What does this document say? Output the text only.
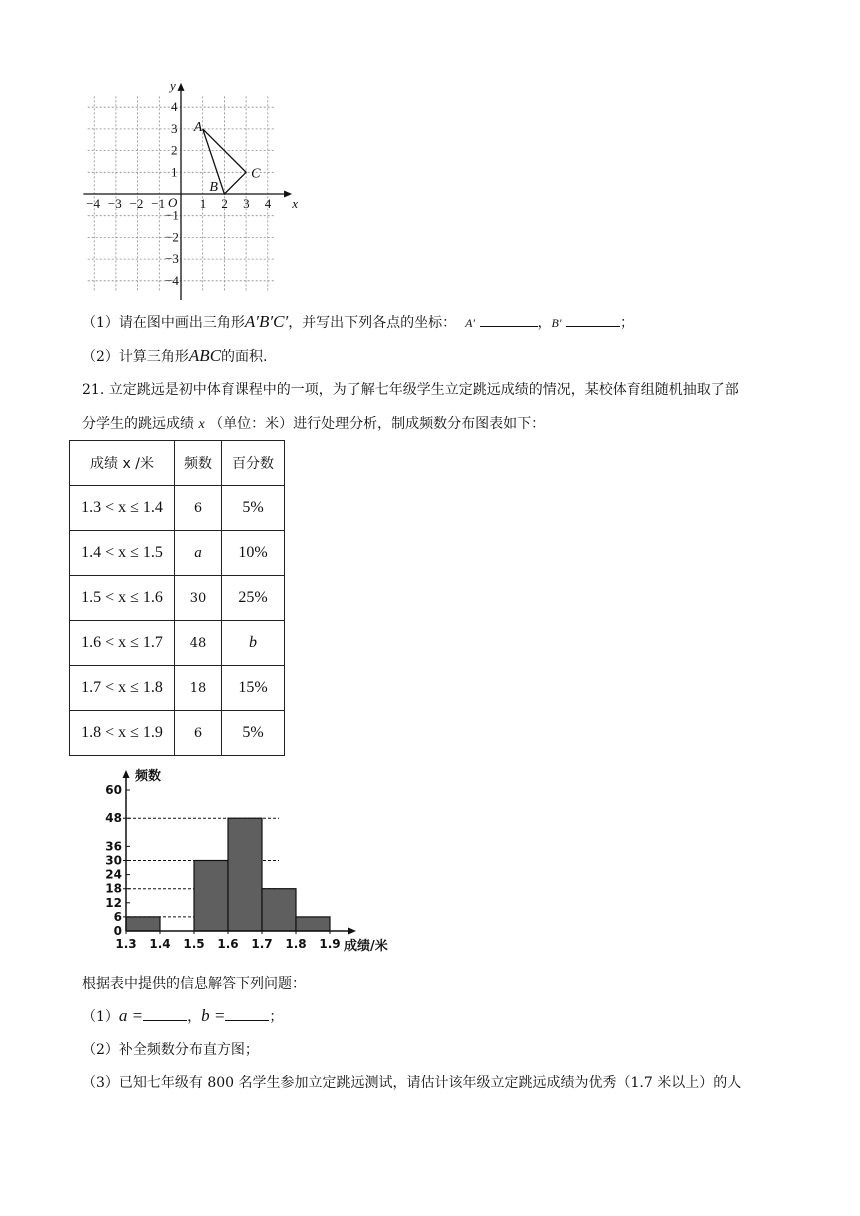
x
y
O
−4 −3 −2 −1	1 2 3 4
4
3
2
1
−1
−2
−3
−4
A
B
C
（1）请在图中画出三角形A′B′C′，并写出下列各点的坐标： A′	，B′	；
（2）计算三角形ABC的面积.
21. 立定跳远是初中体育课程中的一项，为了解七年级学生立定跳远成绩的情况，某校体育组随机抽取了部
分学生的跳远成绩 x （单位：米）进行处理分析，制成频数分布图表如下：
成绩 x /米	频数	百分数
1.3 < x ≤ 1.4	6	5%
1.4 < x ≤ 1.5	a	10%
1.5 < x ≤ 1.6	30	25%
1.6 < x ≤ 1.7	48	b
1.7 < x ≤ 1.8	18	15%
1.8 < x ≤ 1.9	6	5%
0
6
12
18
24
30
36
48
60
1.3 1.4 1.5 1.6 1.7 1.8 1.9
频数
成绩/米
根据表中提供的信息解答下列问题：
（1）a =	，b =	；
（2）补全频数分布直方图；
（3）已知七年级有 800 名学生参加立定跳远测试，请估计该年级立定跳远成绩为优秀（1.7 米以上）的人
